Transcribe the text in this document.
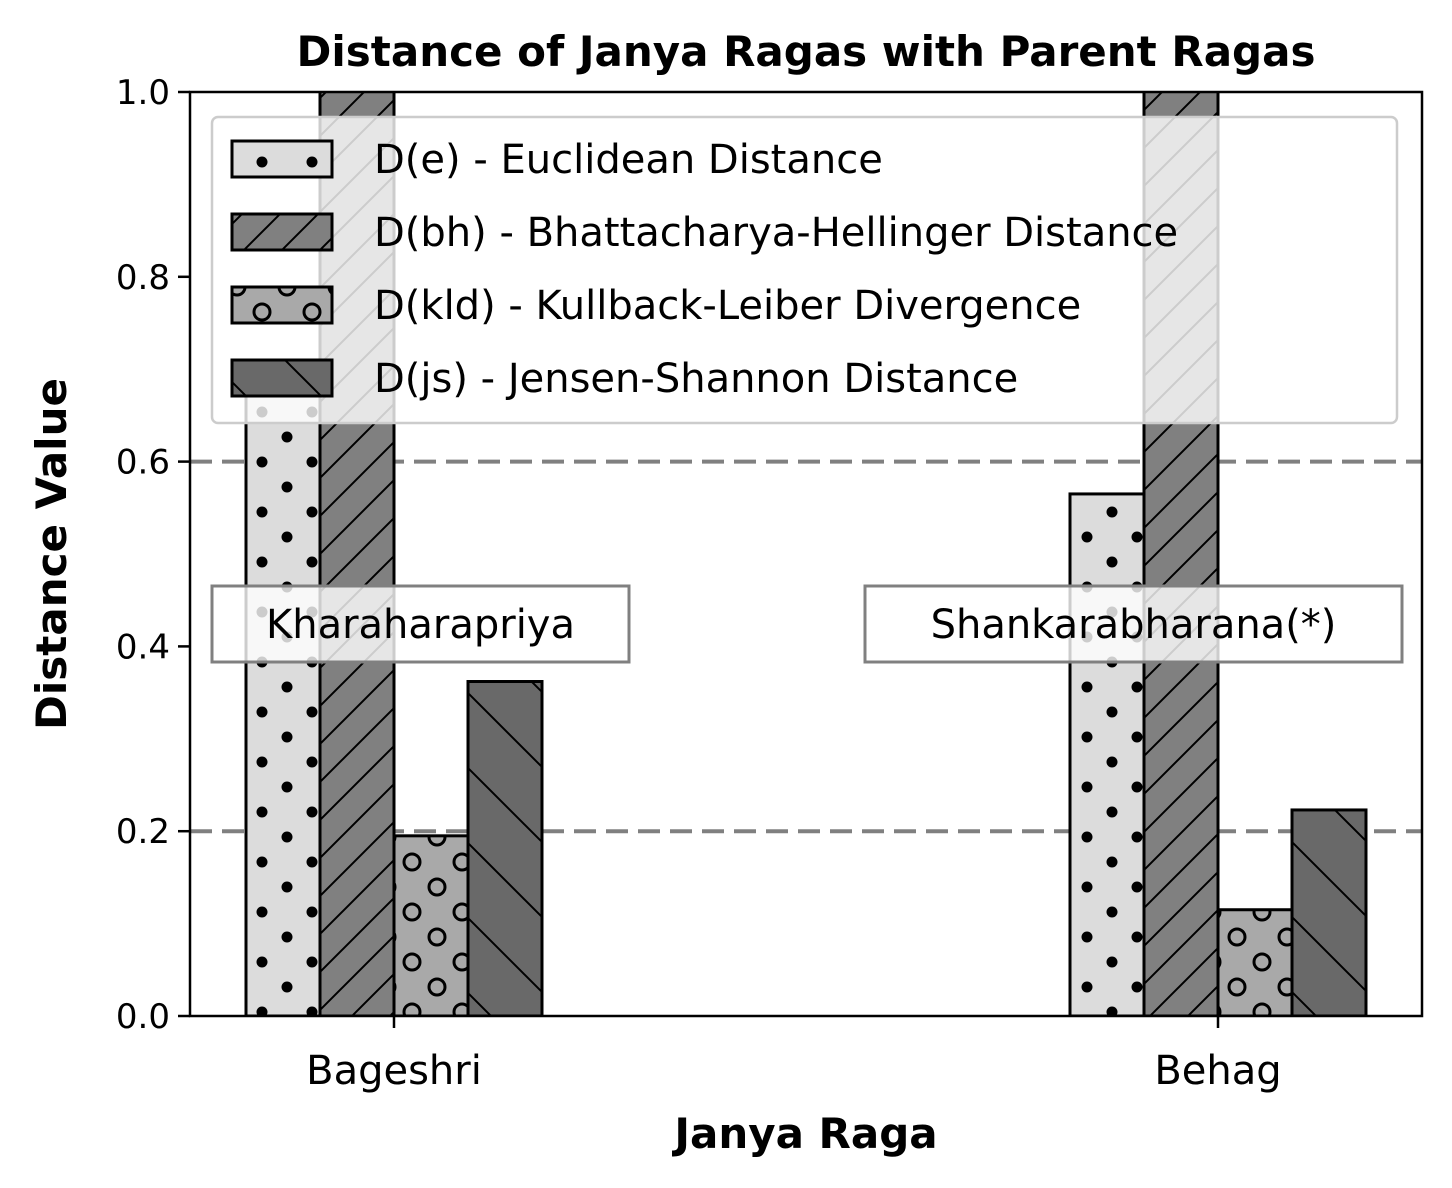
Distance of Janya Ragas with Parent Ragas
0.0
0.2
0.4
0.6
0.8
1.0
Bageshri	Behag
Distance Value
Janya Raga
Kharaharapriya	Shankarabharana(*)
D(e) - Euclidean Distance
D(bh) - Bhattacharya-Hellinger Distance
D(kld) - Kullback-Leiber Divergence
D(js) - Jensen-Shannon Distance
